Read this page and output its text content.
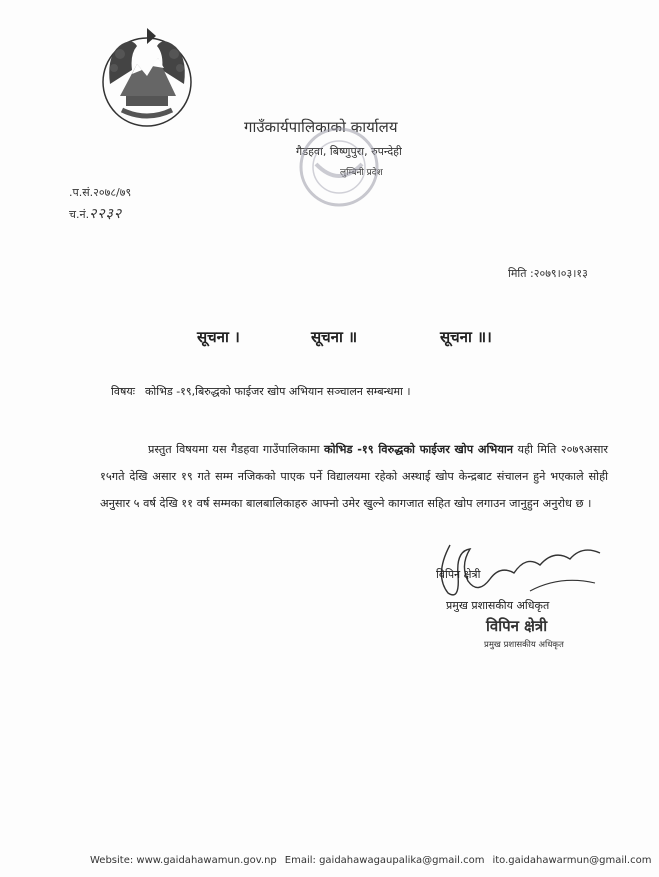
गाउँकार्यपालिकाको कार्यालय
गैडहवा, बिष्णुपुरा, रुपन्देही
लुम्बिनी प्रदेश
.प.सं.२०७८/७९
च.नं.२२३२
मिति :२०७९।०३।१३
सूचना ।	सूचना ॥	सूचना ॥।
विषयः कोभिड -१९,बिरुद्धको फाईजर खोप अभियान सञ्चालन सम्बन्धमा ।
प्रस्तुत विषयमा यस गैडहवा गाउँपालिकामा कोभिड -१९ विरुद्धको फाईजर खोप अभियान यही मिति २०७९असार १५गते देखि असार १९ गते सम्म नजिकको पाएक पर्ने विद्यालयमा रहेको अस्थाई खोप केन्द्रबाट संचालन हुने भएकाले सोही अनुसार ५ वर्ष देखि ११ वर्ष सम्मका बालबालिकाहरु आफ्नो उमेर खुल्ने कागजात सहित खोप लगाउन जानुहुन अनुरोध छ ।
विपिन क्षेत्री
प्रमुख प्रशासकीय अधिकृत
विपिन क्षेत्री
प्रमुख प्रशासकीय अधिकृत
Website: www.gaidahawamun.gov.np Email: gaidahawagaupalika@gmail.com ito.gaidahawarmun@gmail.com
